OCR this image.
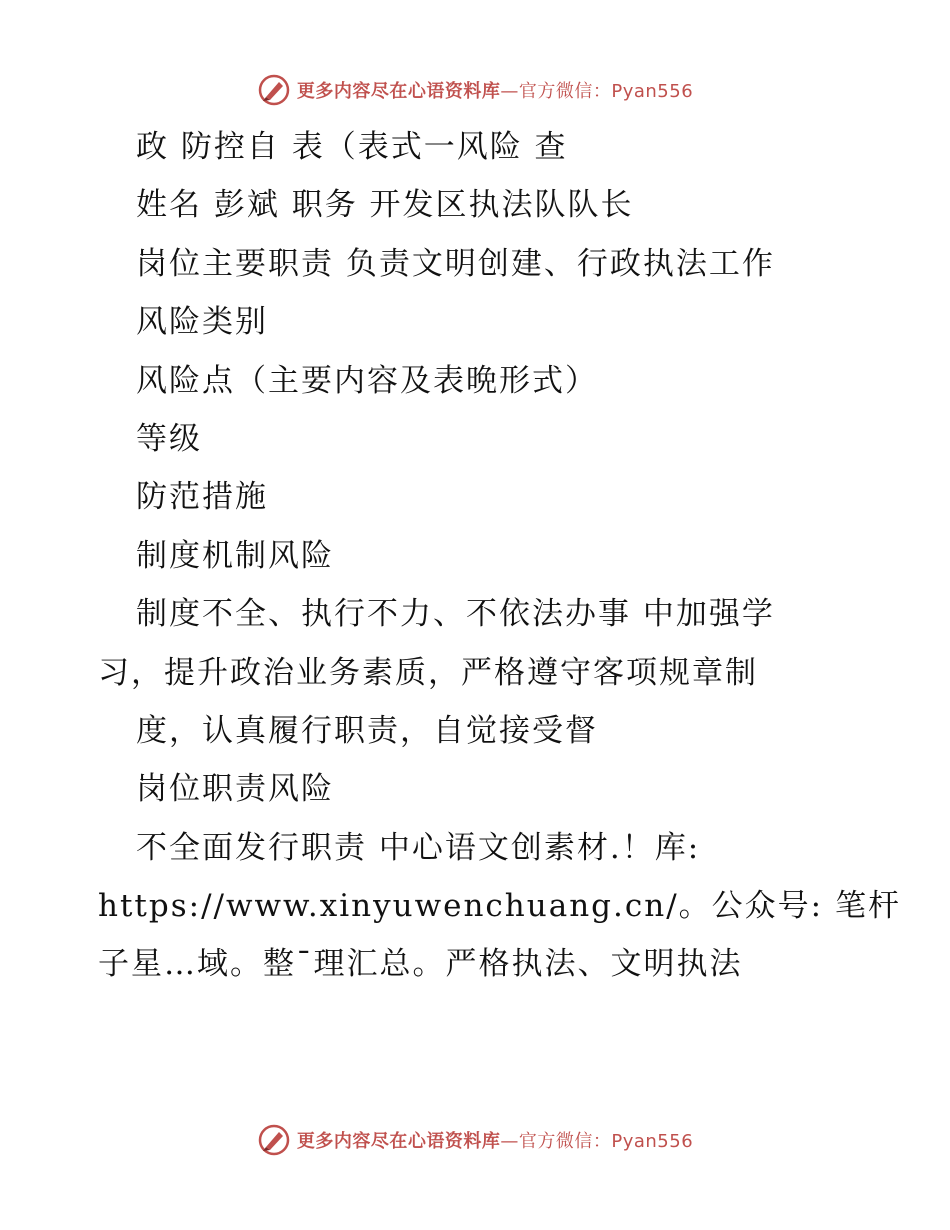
更多内容尽在心语资料库—官方微信：Pyan556
政 防控自 表（表式一风险 查
姓名 彭斌 职务 开发区执法队队长
岗位主要职责 负责文明创建、行政执法工作
风险类别
风险点（主要内容及表晩形式）
等级
防范措施
制度机制风险
制度不全、执行不力、不依法办事 中加强学
习，提升政治业务素质，严格遵守客项规章制
度，认真履行职责，自觉接受督
岗位职责风险
不全面发行职责 中心语文创素材.！库:
https://www.xinyuwenchuang.cn/。公众号: 笔杆
子星…域。整¯理汇总。严格执法、文明执法
更多内容尽在心语资料库—官方微信：Pyan556
